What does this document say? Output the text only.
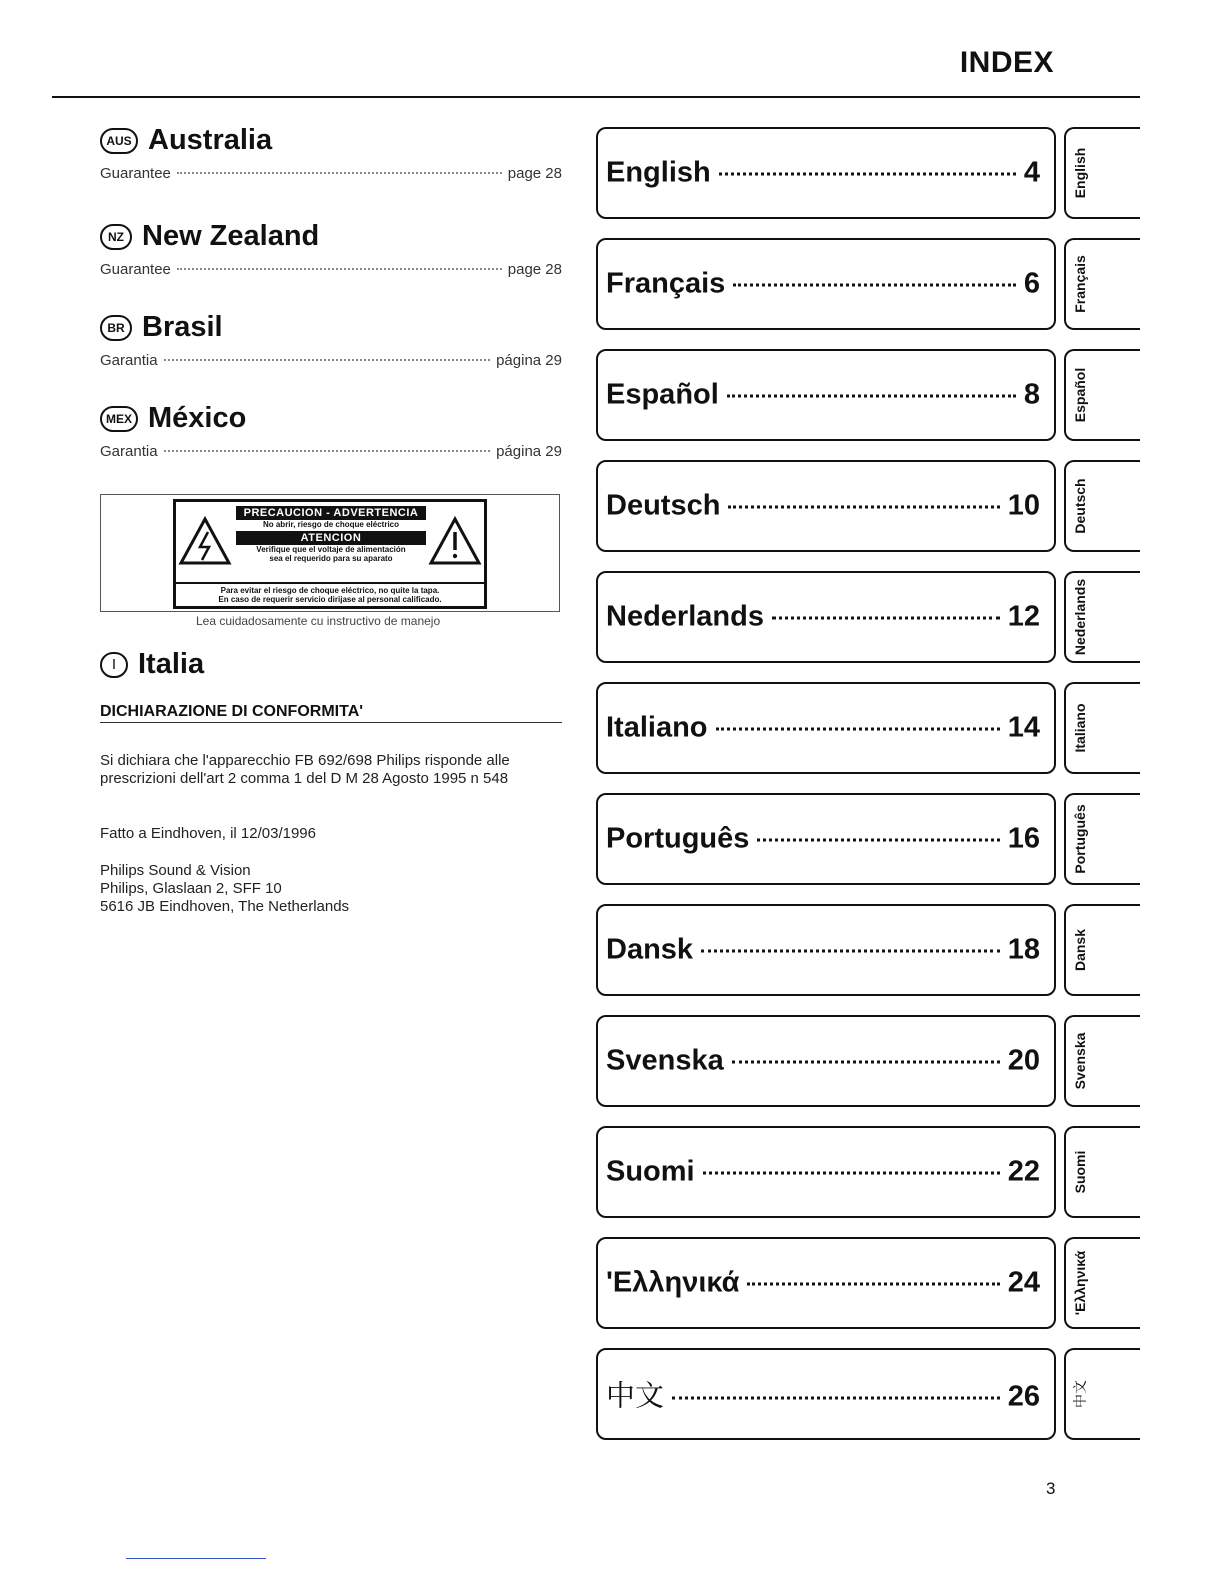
INDEX
AUS Australia
Guarantee	page 28
NZ New Zealand
Guarantee	page 28
BR Brasil
Garantia	página 29
MEX México
Garantia	página 29
PRECAUCION - ADVERTENCIA
No abrir, riesgo de choque eléctrico
ATENCION
Verifique que el voltaje de alimentación
sea el requerido para su aparato
Para evitar el riesgo de choque eléctrico, no quite la tapa.
En caso de requerir servicio dirijase al personal calificado.
Lea cuidadosamente cu instructivo de manejo
I Italia
DICHIARAZIONE DI CONFORMITA'
Si dichiara che l'apparecchio FB 692/698 Philips risponde alle prescrizioni dell'art 2 comma 1 del D M 28 Agosto 1995 n 548
Fatto a Eindhoven, il 12/03/1996
Philips Sound & Vision
Philips, Glaslaan 2, SFF 10
5616 JB Eindhoven, The Netherlands
English	4 English
Français	6 Français
Español	8 Español
Deutsch	10 Deutsch
Nederlands	12 Nederlands
Italiano	14 Italiano
Português	16 Português
Dansk	18 Dansk
Svenska	20 Svenska
Suomi	22 Suomi
'Ελληνικά	24 'Ελληνικά
中文	26 中文
3
